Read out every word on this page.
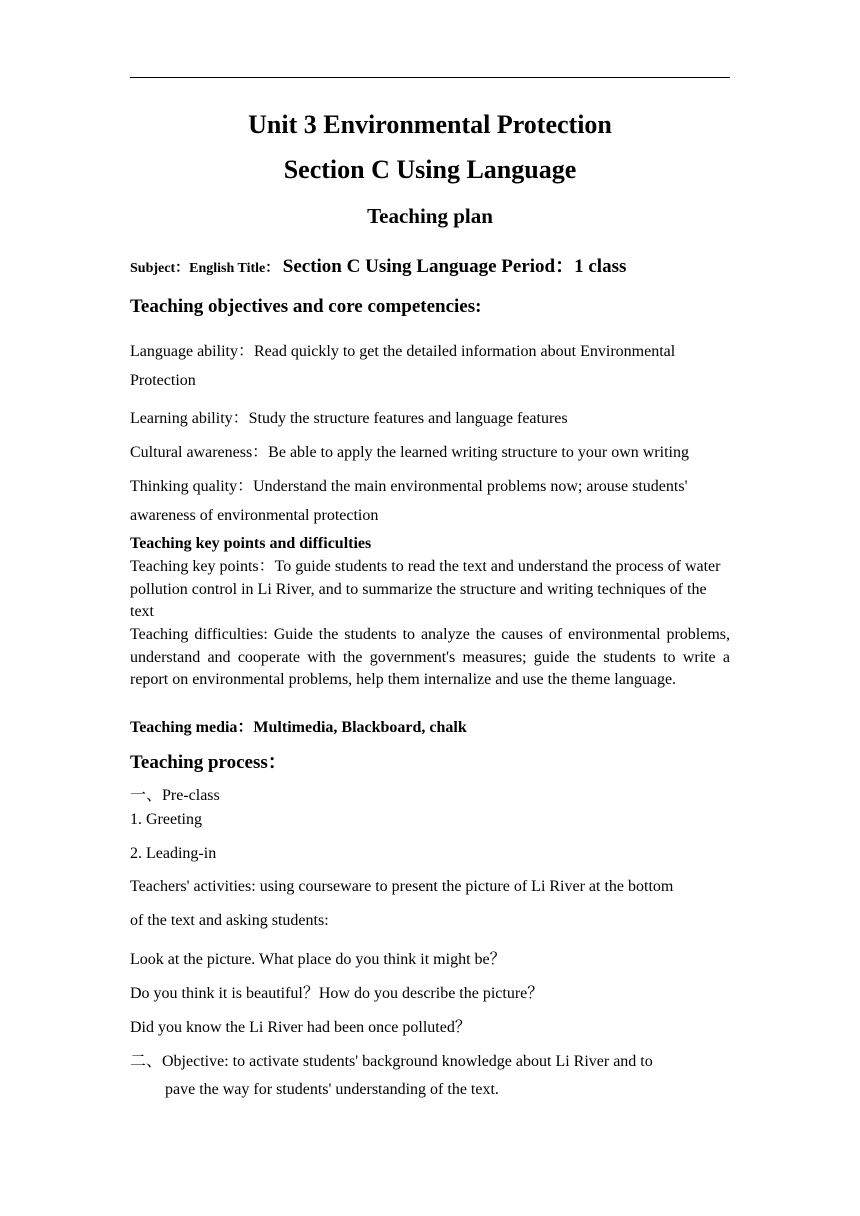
Unit 3 Environmental Protection
Section C Using Language
Teaching plan
Subject：English Title： Section C Using Language Period：1 class
Teaching objectives and core competencies:
Language ability：Read quickly to get the detailed information about Environmental
Protection
Learning ability：Study the structure features and language features
Cultural awareness：Be able to apply the learned writing structure to your own writing
Thinking quality：Understand the main environmental problems now; arouse students'
awareness of environmental protection
Teaching key points and difficulties
Teaching key points：To guide students to read the text and understand the process of water pollution control in Li River, and to summarize the structure and writing techniques of the text
Teaching difficulties: Guide the students to analyze the causes of environmental problems, understand and cooperate with the government's measures; guide the students to write a report on environmental problems, help them internalize and use the theme language.
Teaching media：Multimedia, Blackboard, chalk
Teaching process：
一、Pre-class
1. Greeting
2. Leading-in
Teachers' activities: using courseware to present the picture of Li River at the bottom
of the text and asking students:
Look at the picture. What place do you think it might be？
Do you think it is beautiful？How do you describe the picture？
Did you know the Li River had been once polluted？
二、Objective: to activate students' background knowledge about Li River and to
pave the way for students' understanding of the text.
